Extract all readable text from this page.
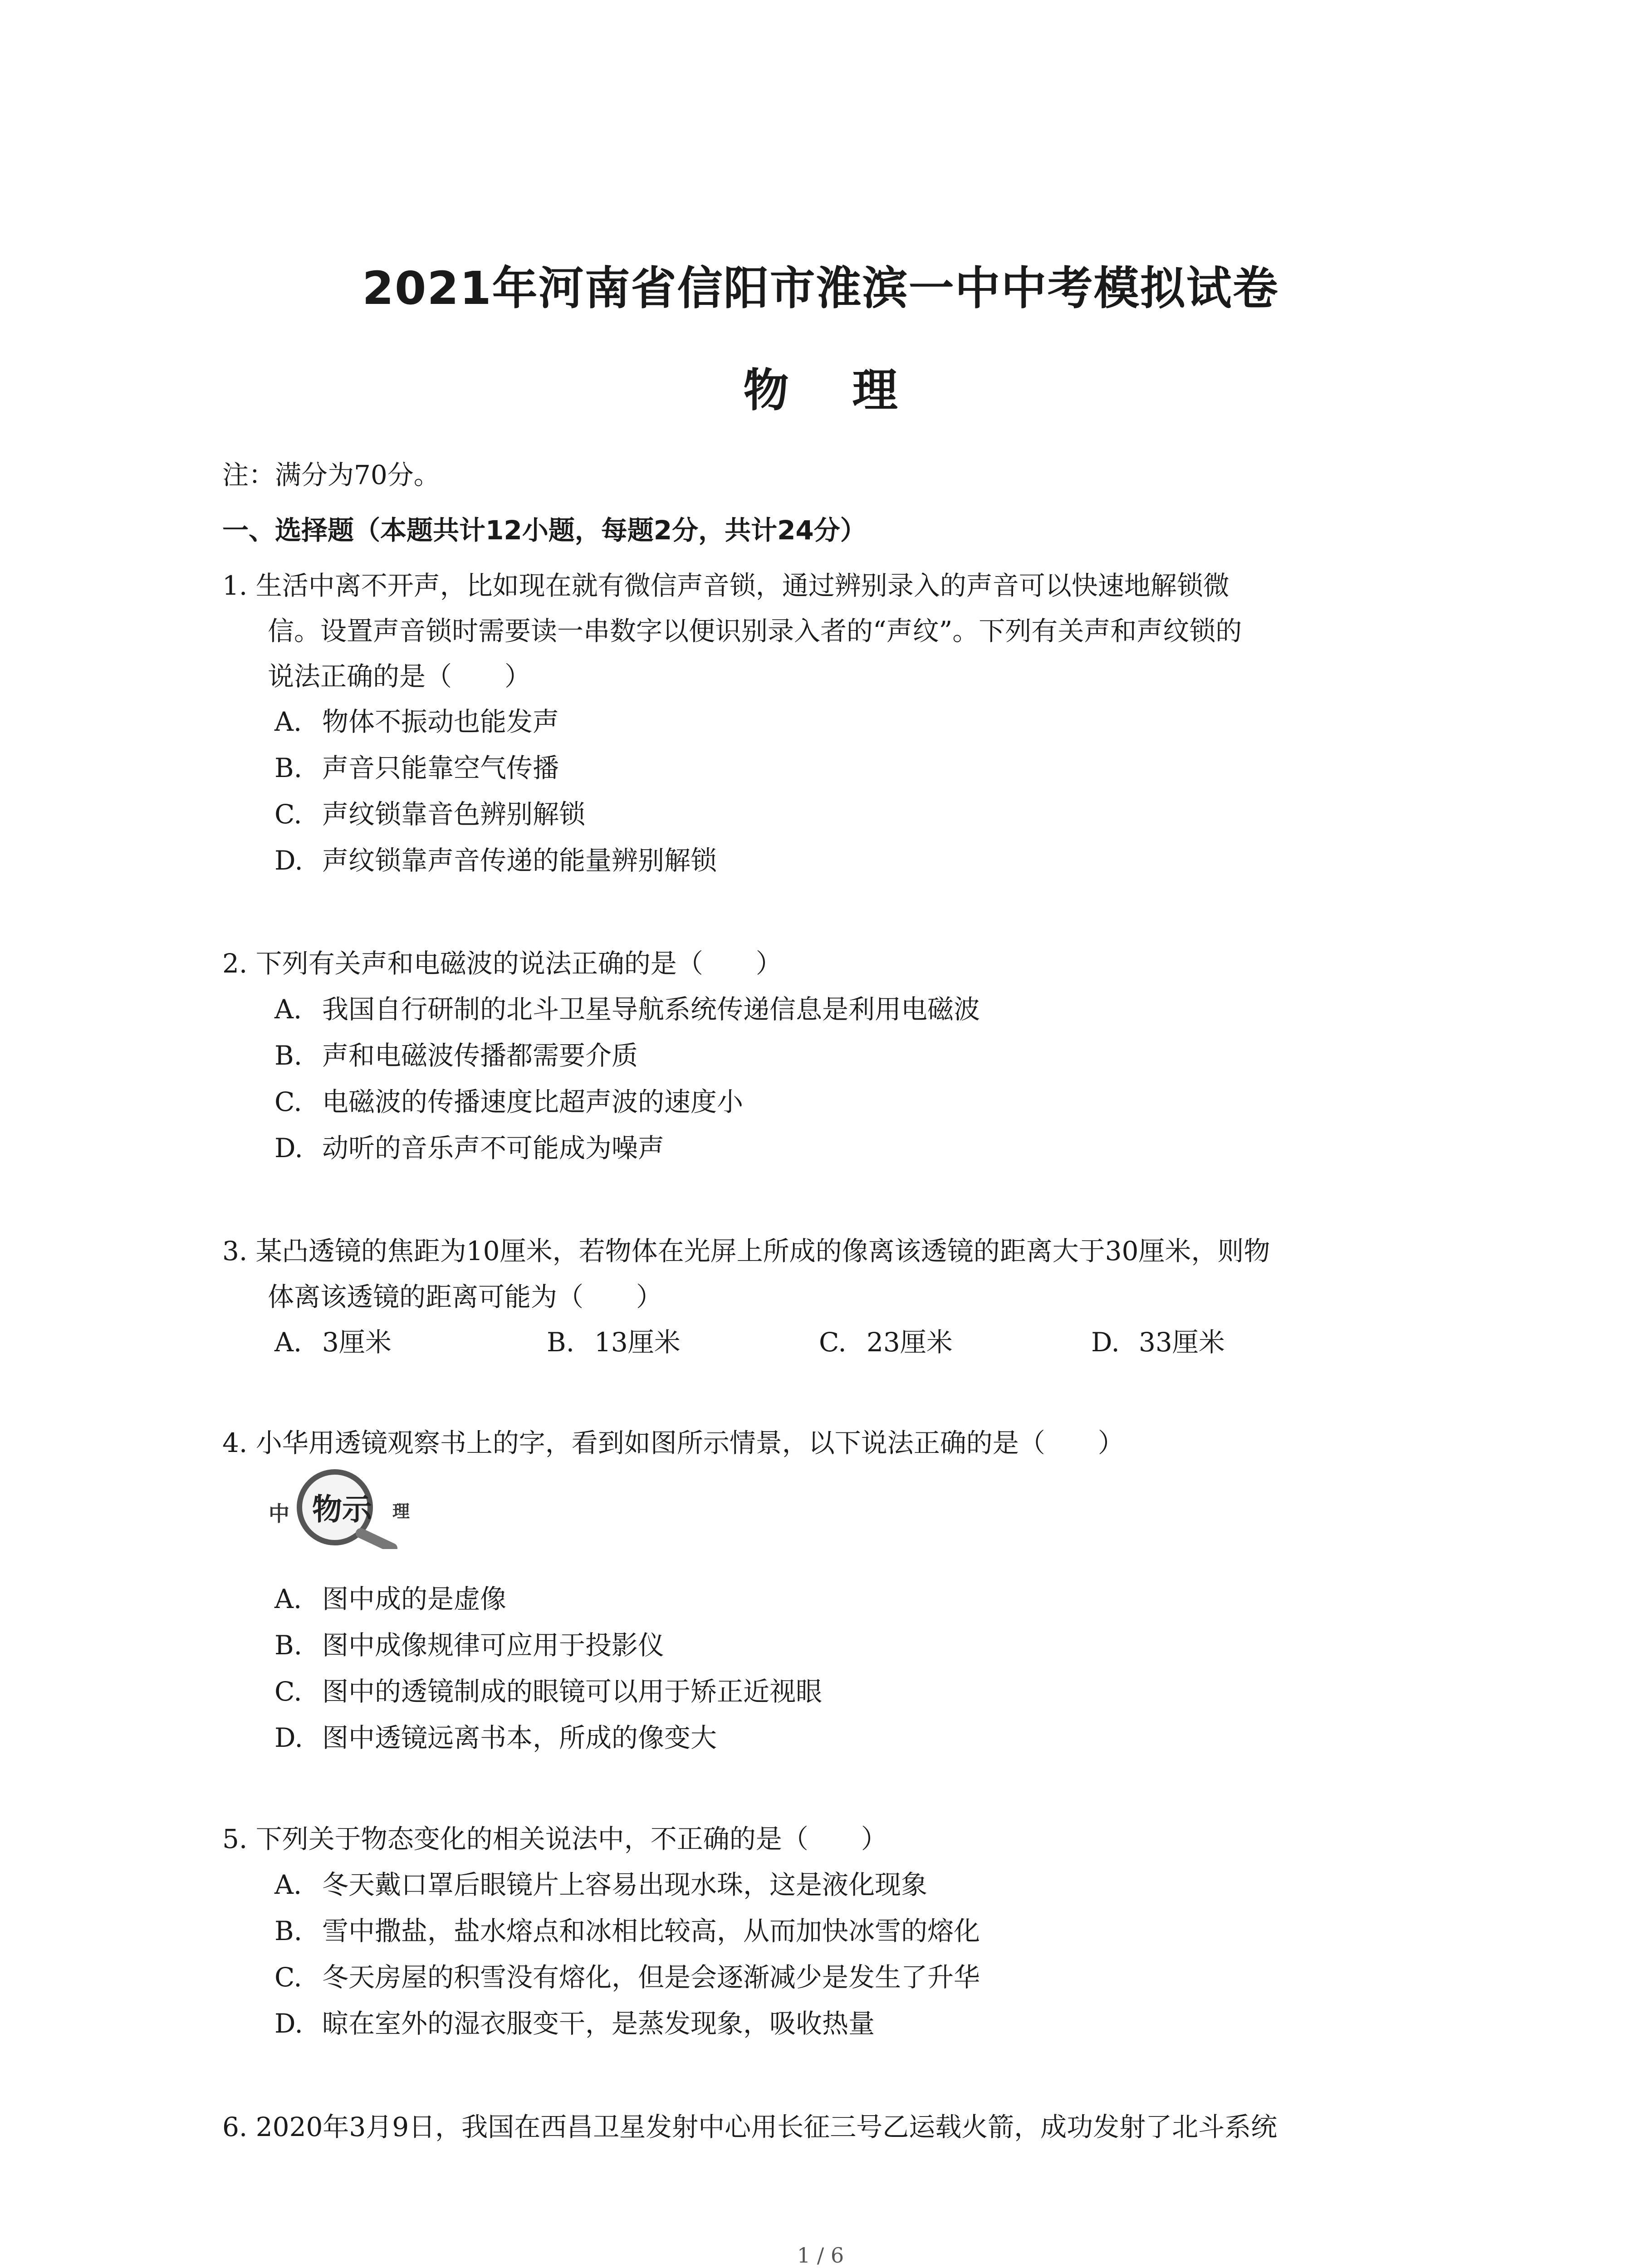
2021年河南省信阳市淮滨一中中考模拟试卷
物 理
注：满分为70分。
一、选择题（本题共计12小题，每题2分，共计24分）
1. 生活中离不开声，比如现在就有微信声音锁，通过辨别录入的声音可以快速地解锁微
信。设置声音锁时需要读一串数字以便识别录入者的“声纹”。下列有关声和声纹锁的
说法正确的是（　　）
A. 物体不振动也能发声
B. 声音只能靠空气传播
C. 声纹锁靠音色辨别解锁
D. 声纹锁靠声音传递的能量辨别解锁
2. 下列有关声和电磁波的说法正确的是（　　）
A. 我国自行研制的北斗卫星导航系统传递信息是利用电磁波
B. 声和电磁波传播都需要介质
C. 电磁波的传播速度比超声波的速度小
D. 动听的音乐声不可能成为噪声
3. 某凸透镜的焦距为10厘米，若物体在光屏上所成的像离该透镜的距离大于30厘米，则物
体离该透镜的距离可能为（　　）
A. 3厘米	B. 13厘米	C. 23厘米	D. 33厘米
4. 小华用透镜观察书上的字，看到如图所示情景，以下说法正确的是（　　）
中 物示 理
A. 图中成的是虚像
B. 图中成像规律可应用于投影仪
C. 图中的透镜制成的眼镜可以用于矫正近视眼
D. 图中透镜远离书本，所成的像变大
5. 下列关于物态变化的相关说法中，不正确的是（　　）
A. 冬天戴口罩后眼镜片上容易出现水珠，这是液化现象
B. 雪中撒盐，盐水熔点和冰相比较高，从而加快冰雪的熔化
C. 冬天房屋的积雪没有熔化，但是会逐渐减少是发生了升华
D. 晾在室外的湿衣服变干，是蒸发现象，吸收热量
6. 2020年3月9日，我国在西昌卫星发射中心用长征三号乙运载火箭，成功发射了北斗系统
1 / 6
